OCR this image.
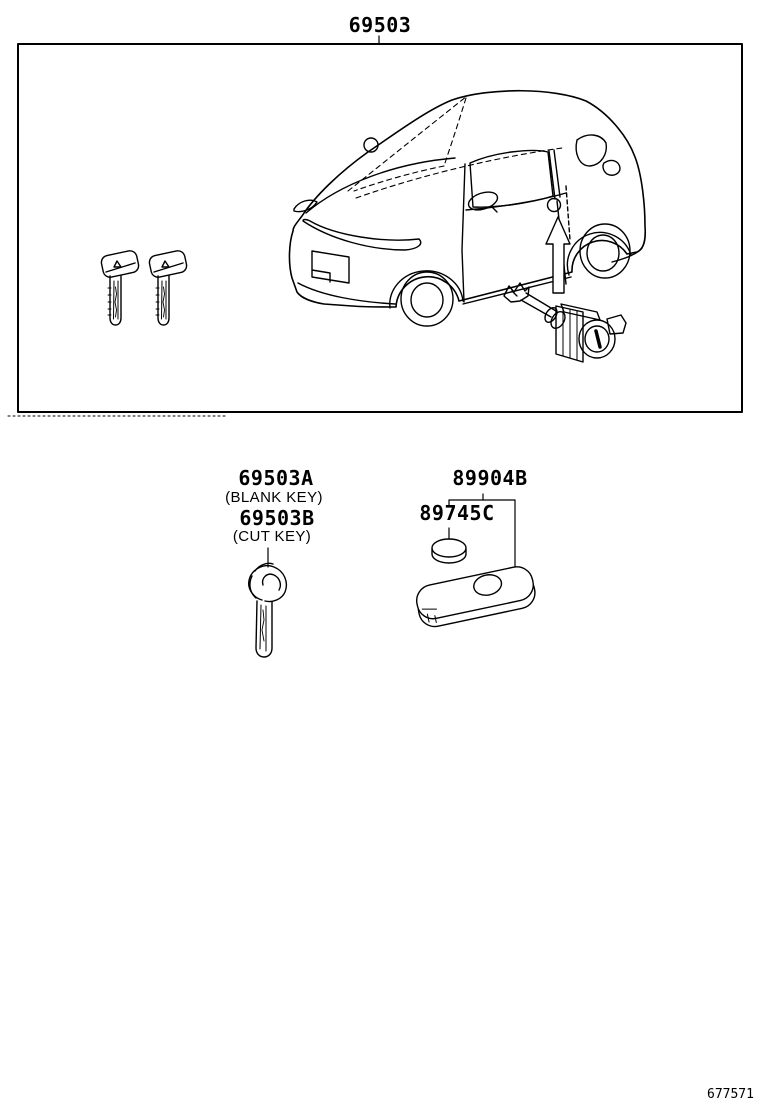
69503
69503A
(BLANK KEY)
69503B
(CUT KEY)
89904B
89745C
677571
